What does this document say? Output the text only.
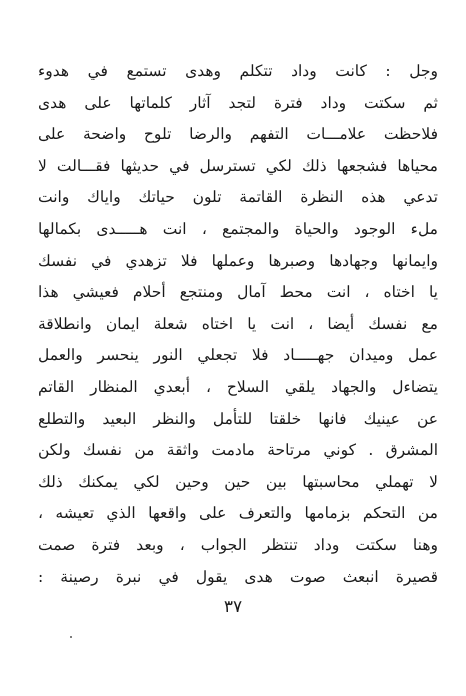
وجل : كانت وداد تتكلم وهدى تستمع في هدوء
ثم سكتت وداد فترة لتجد آثار كلماتها على هدى
فلاحظت علامـــات التفهم والرضا تلوح واضحة على
محياها فشجعها ذلك لكي تسترسل في حديثها فقـــالت لا
تدعي هذه النظرة القاتمة تلون حياتك واياك وانت
ملء الوجود والحياة والمجتمع ، انت هـــــدى بكمالها
وايمانها وجهادها وصبرها وعملها فلا تزهدي في نفسك
يا اختاه ، انت محط آمال ومنتجع أحلام فعيشي هذا
مع نفسك أيضا ، انت يا اختاه شعلة ايمان وانطلاقة
عمل وميدان جهـــــاد فلا تجعلي النور ينحسر والعمل
يتضاءل والجهاد يلقي السلاح ، أبعدي المنظار القاتم
عن عينيك فانها خلقتا للتأمل والنظر البعيد والتطلع
المشرق . كوني مرتاحة مادمت واثقة من نفسك ولكن
لا تهملي محاسبتها بين حين وحين لكي يمكنك ذلك
من التحكم بزمامها والتعرف على واقعها الذي تعيشه ،
وهنا سكتت وداد تنتظر الجواب ، وبعد فترة صمت
قصيرة انبعث صوت هدى يقول في نبرة رصينة :
٣٧
